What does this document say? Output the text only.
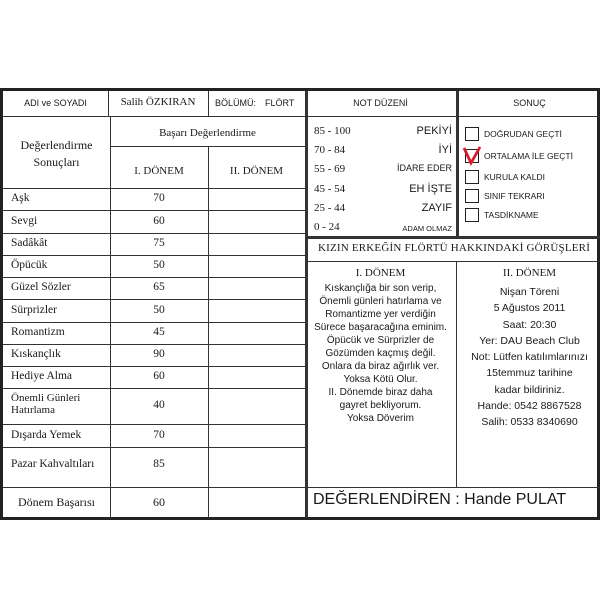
ADI ve SOYADI	Salih ÖZKIRAN	BÖLÜMÜ: FLÖRT	NOT DÜZENİ	SONUÇ
Değerlendirme
Sonuçları
Başarı Değerlendirme
I. DÖNEM	II. DÖNEM
Aşk	70
Sevgi	60
Sadâkât	75
Öpücük	50
Güzel Sözler	65
Sürprizler	50
Romantizm	45
Kıskançlık	90
Hediye Alma	60
Önemli Günleri
Hatırlama	40
Dışarda Yemek	70
Pazar Kahvaltıları	85
Dönem Başarısı	60
85 - 100	PEKİYİ
70 - 84	İYİ
55 - 69	İDARE EDER
45 - 54	EH İŞTE
25 - 44	ZAYIF
0 - 24	ADAM OLMAZ
DOĞRUDAN GEÇTİ
ORTALAMA İLE GEÇTİ
KURULA KALDI
SINIF TEKRARI
TASDİKNAME
KIZIN ERKEĞİN FLÖRTÜ HAKKINDAKİ GÖRÜŞLERİ
I. DÖNEM	II. DÖNEM
Kıskançlığa bir son verip,
Önemli günleri hatırlama ve
Romantizme yer verdiğin
Sürece başaracağına eminim.
Öpücük ve Sürprizler de
Gözümden kaçmış değil.
Onlara da biraz ağırlık ver.
Yoksa Kötü Olur.
II. Dönemde biraz daha
gayret bekliyorum.
Yoksa Döverim
Nişan Töreni
5 Ağustos 2011
Saat: 20:30
Yer: DAU Beach Club
Not: Lütfen katılımlarınızı
15temmuz tarihine
kadar bildiriniz.
Hande: 0542 8867528
Salih: 0533 8340690
DEĞERLENDİREN : Hande PULAT
